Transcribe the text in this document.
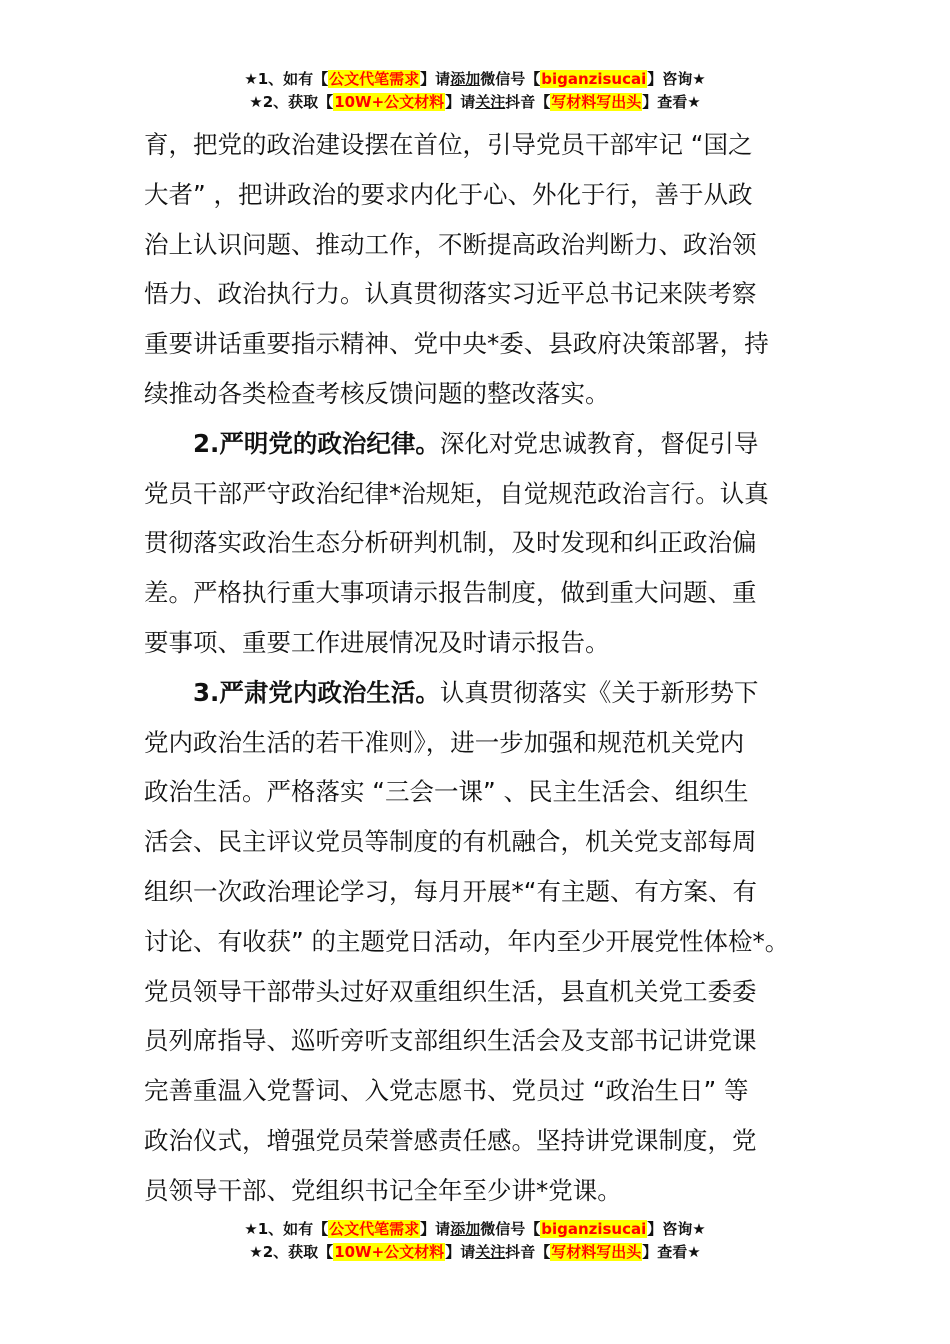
★1、如有【公文代笔需求】请添加微信号【biganzisucai】咨询★
★2、获取【10W+公文材料】请关注抖音【写材料写出头】查看★
育，把党的政治建设摆在首位，引导党员干部牢记 “国之
大者” ，把讲政治的要求内化于心、外化于行，善于从政
治上认识问题、推动工作，不断提高政治判断力、政治领
悟力、政治执行力。认真贯彻落实习近平总书记来陕考察
重要讲话重要指示精神、党中央*委、县政府决策部署，持
续推动各类检查考核反馈问题的整改落实。
2.严明党的政治纪律。深化对党忠诚教育，督促引导
党员干部严守政治纪律*治规矩，自觉规范政治言行。认真
贯彻落实政治生态分析研判机制，及时发现和纠正政治偏
差。严格执行重大事项请示报告制度，做到重大问题、重
要事项、重要工作进展情况及时请示报告。
3.严肃党内政治生活。认真贯彻落实《关于新形势下
党内政治生活的若干准则》，进一步加强和规范机关党内
政治生活。严格落实 “三会一课” 、民主生活会、组织生
活会、民主评议党员等制度的有机融合，机关党支部每周
组织一次政治理论学习，每月开展*“有主题、有方案、有
讨论、有收获” 的主题党日活动，年内至少开展党性体检*。
党员领导干部带头过好双重组织生活，县直机关党工委委
员列席指导、巡听旁听支部组织生活会及支部书记讲党课
完善重温入党誓词、入党志愿书、党员过 “政治生日” 等
政治仪式，增强党员荣誉感责任感。坚持讲党课制度，党
员领导干部、党组织书记全年至少讲*党课。
★1、如有【公文代笔需求】请添加微信号【biganzisucai】咨询★
★2、获取【10W+公文材料】请关注抖音【写材料写出头】查看★
